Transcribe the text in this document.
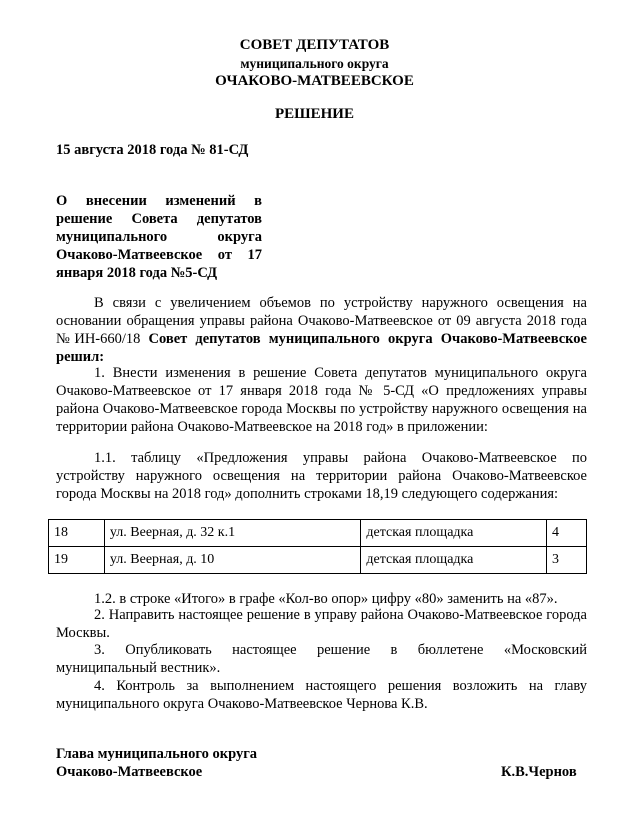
СОВЕТ ДЕПУТАТОВ
муниципального округа
ОЧАКОВО-МАТВЕЕВСКОЕ
РЕШЕНИЕ
15 августа 2018 года № 81-СД
О внесении изменений в решение Совета депутатов муниципального округа Очаково-Матвеевское от 17 января 2018 года №5-СД
В связи с увеличением объемов по устройству наружного освещения на основании обращения управы района Очаково-Матвеевское от 09 августа 2018 года №ИН-660/18 Совет депутатов муниципального округа Очаково-Матвеевское решил:
1. Внести изменения в решение Совета депутатов муниципального округа Очаково-Матвеевское от 17 января 2018 года № 5-СД «О предложениях управы района Очаково-Матвеевское города Москвы по устройству наружного освещения на территории района Очаково-Матвеевское на 2018 год» в приложении:
1.1. таблицу «Предложения управы района Очаково-Матвеевское по устройству наружного освещения на территории района Очаково-Матвеевское города Москвы на 2018 год» дополнить строками 18,19 следующего содержания:
18	ул. Веерная, д. 32 к.1	детская площадка	4
19	ул. Веерная, д. 10	детская площадка	3
1.2. в строке «Итого» в графе «Кол-во опор» цифру «80» заменить на «87».
2. Направить настоящее решение в управу района Очаково-Матвеевское города Москвы.
3. Опубликовать настоящее решение в бюллетене «Московский муниципальный вестник».
4. Контроль за выполнением настоящего решения возложить на главу муниципального округа Очаково-Матвеевское Чернова К.В.
Глава муниципального округа
Очаково-Матвеевское	К.В.Чернов
